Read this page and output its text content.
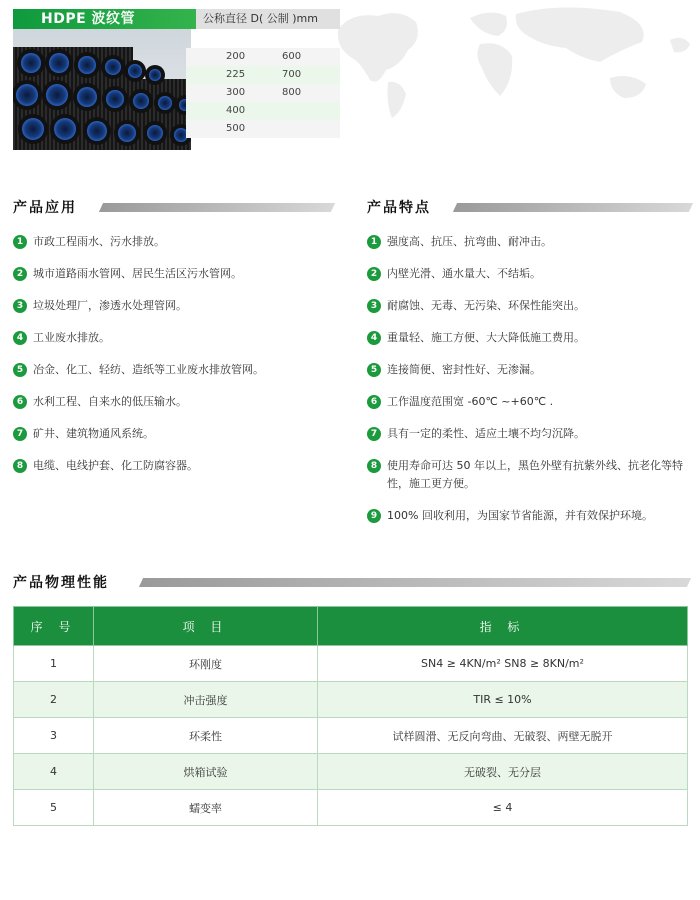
HDPE 波纹管	公称直径 D( 公制 )mm
200	600
225	700
300	800
400
500
产品应用
1 市政工程雨水、污水排放。
2 城市道路雨水管网、居民生活区污水管网。
3 垃圾处理厂，渗透水处理管网。
4 工业废水排放。
5 冶金、化工、轻纺、造纸等工业废水排放管网。
6 水利工程、自来水的低压输水。
7 矿井、建筑物通风系统。
8 电缆、电线护套、化工防腐容器。
产品特点
1 强度高、抗压、抗弯曲、耐冲击。
2 内壁光滑、通水量大、不结垢。
3 耐腐蚀、无毒、无污染、环保性能突出。
4 重量轻、施工方便、大大降低施工费用。
5 连接简便、密封性好、无渗漏。
6 工作温度范围宽 -60℃ ~+60℃ .
7 具有一定的柔性、适应土壤不均匀沉降。
8 使用寿命可达 50 年以上，黑色外壁有抗紫外线、抗老化等特性，施工更方便。
9 100% 回收利用，为国家节省能源，并有效保护环境。
产品物理性能
序 号	项 目	指 标
1	环刚度	SN4 ≥ 4KN/m² SN8 ≥ 8KN/m²
2	冲击强度	TIR ≤ 10%
3	环柔性	试样圆滑、无反向弯曲、无破裂、两壁无脱开
4	烘箱试验	无破裂、无分层
5	蠕变率	≤ 4
